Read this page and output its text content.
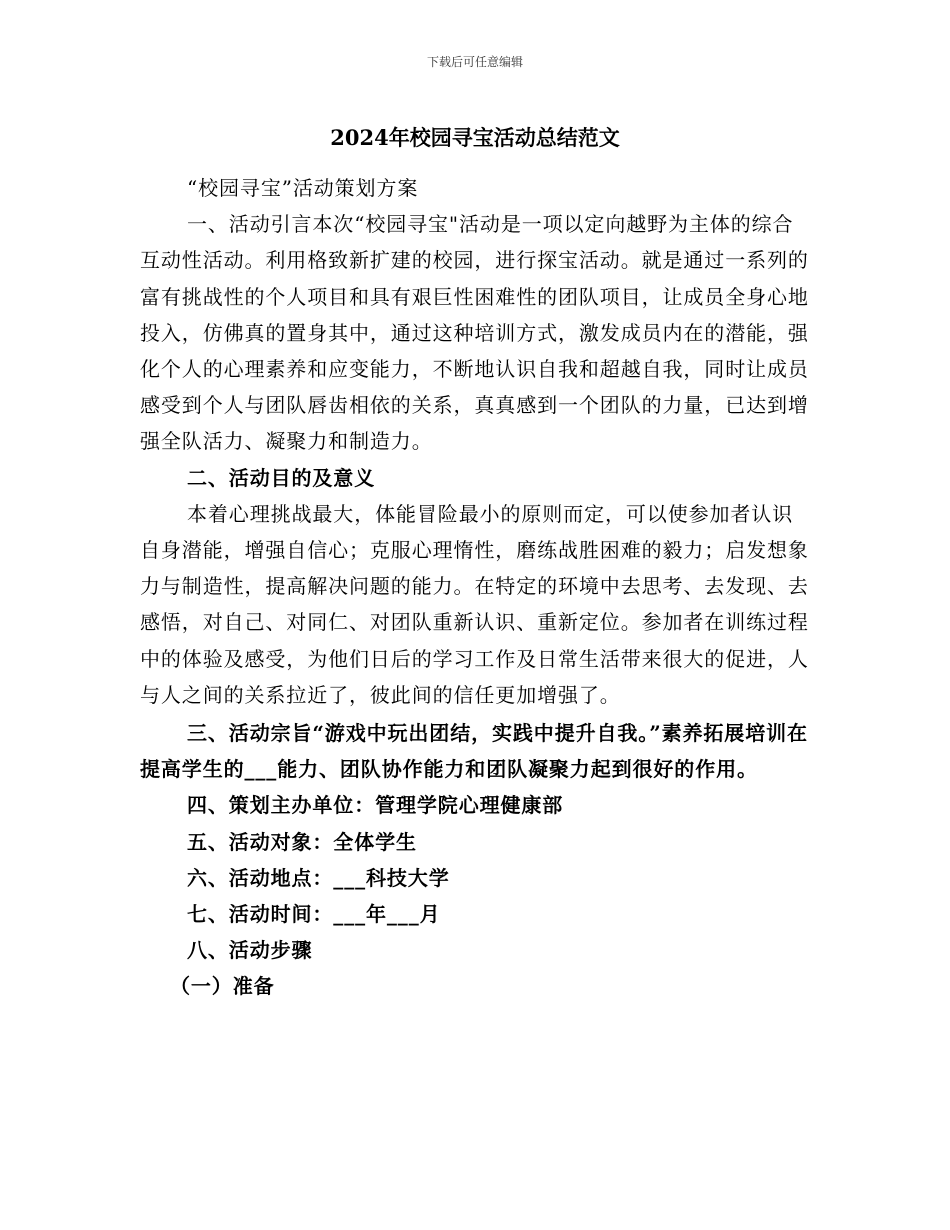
下载后可任意编辑
2024年校园寻宝活动总结范文

“校园寻宝”活动策划方案

一、活动引言本次“校园寻宝"活动是一项以定向越野为主体的综合互动性活动。利用格致新扩建的校园，进行探宝活动。就是通过一系列的富有挑战性的个人项目和具有艰巨性困难性的团队项目，让成员全身心地投入，仿佛真的置身其中，通过这种培训方式，激发成员内在的潜能，强化个人的心理素养和应变能力，不断地认识自我和超越自我，同时让成员感受到个人与团队唇齿相依的关系，真真感到一个团队的力量，已达到增强全队活力、凝聚力和制造力。

二、活动目的及意义

本着心理挑战最大，体能冒险最小的原则而定，可以使参加者认识自身潜能，增强自信心；克服心理惰性，磨练战胜困难的毅力；启发想象力与制造性，提高解决问题的能力。在特定的环境中去思考、去发现、去感悟，对自己、对同仁、对团队重新认识、重新定位。参加者在训练过程中的体验及感受，为他们日后的学习工作及日常生活带来很大的促进，人与人之间的关系拉近了，彼此间的信任更加增强了。

三、活动宗旨“游戏中玩出团结，实践中提升自我。”素养拓展培训在提高学生的___能力、团队协作能力和团队凝聚力起到很好的作用。

四、策划主办单位：管理学院心理健康部

五、活动对象：全体学生

六、活动地点：___科技大学

七、活动时间：___年___月

八、活动步骤

（一）准备
